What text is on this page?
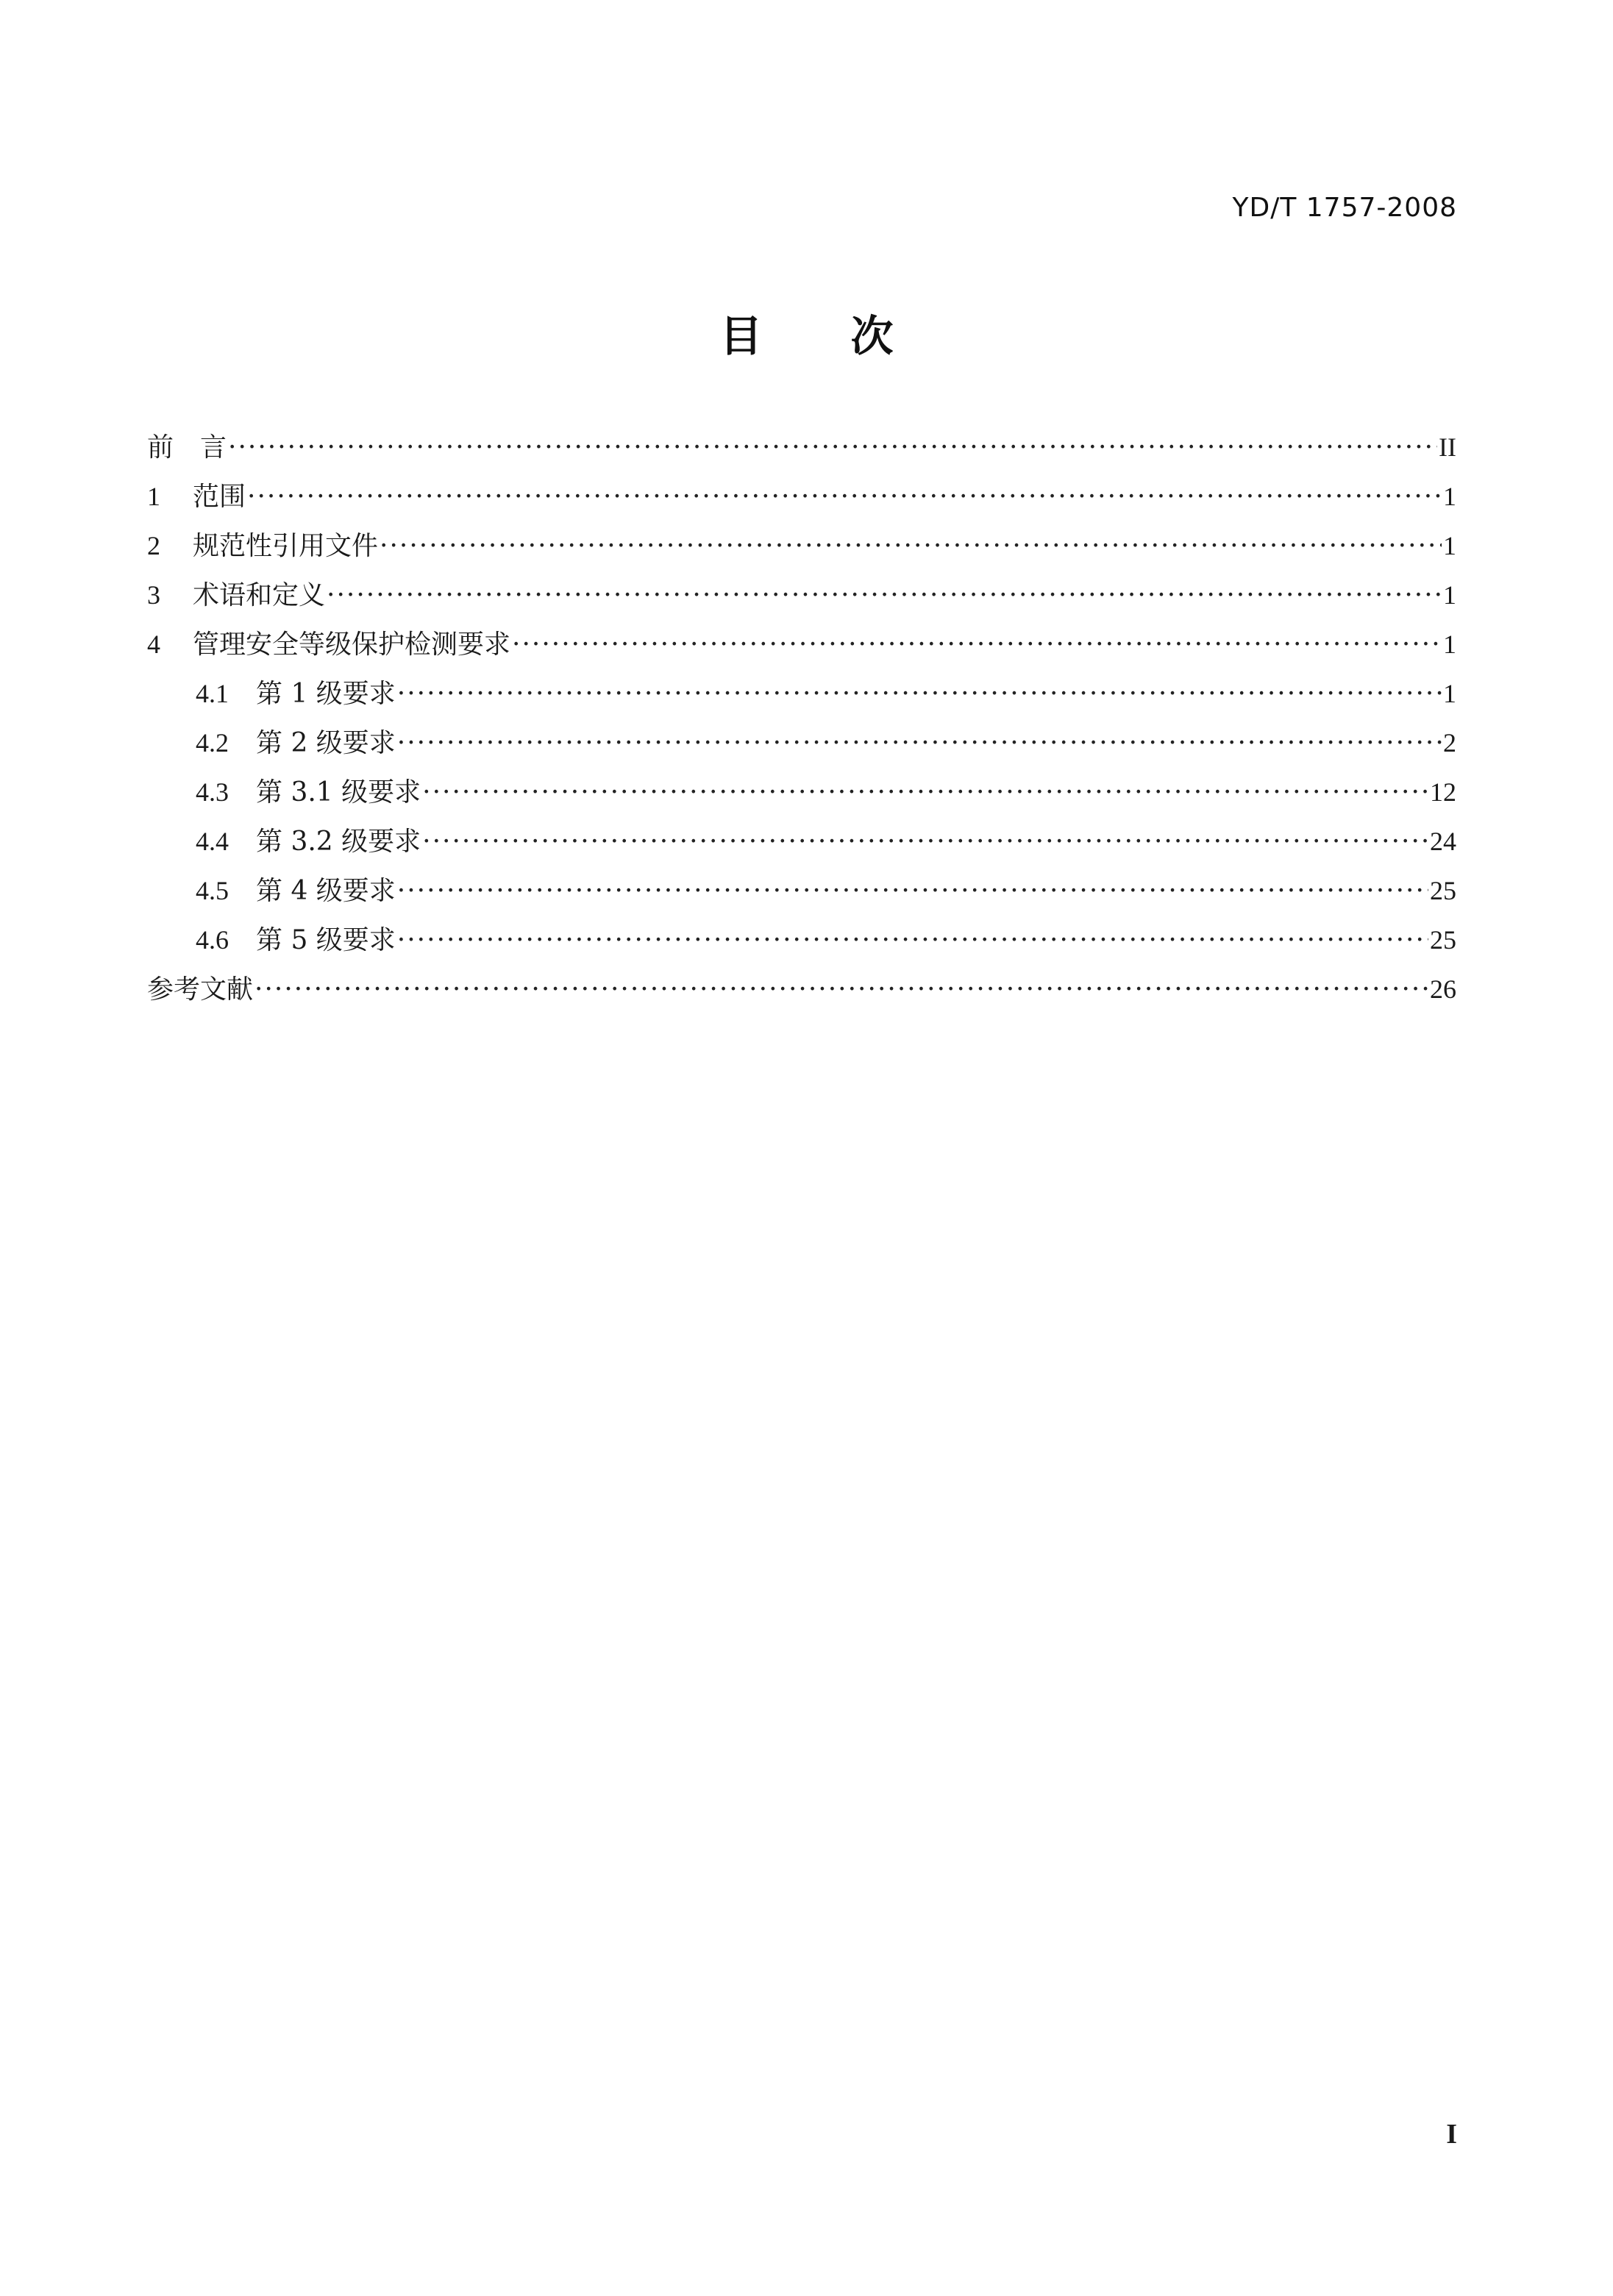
YD/T 1757-2008
目次
前　言 ·····	II
1	范围 ·····	1
2	规范性引用文件 ·····	1
3	术语和定义 ·····	1
4	管理安全等级保护检测要求 ·····	1
4.1	第 1 级要求 ·····	1
4.2	第 2 级要求 ·····	2
4.3	第 3.1 级要求 ·····	12
4.4	第 3.2 级要求 ·····	24
4.5	第 4 级要求 ·····	25
4.6	第 5 级要求 ·····	25
参考文献 ·····	26
I
